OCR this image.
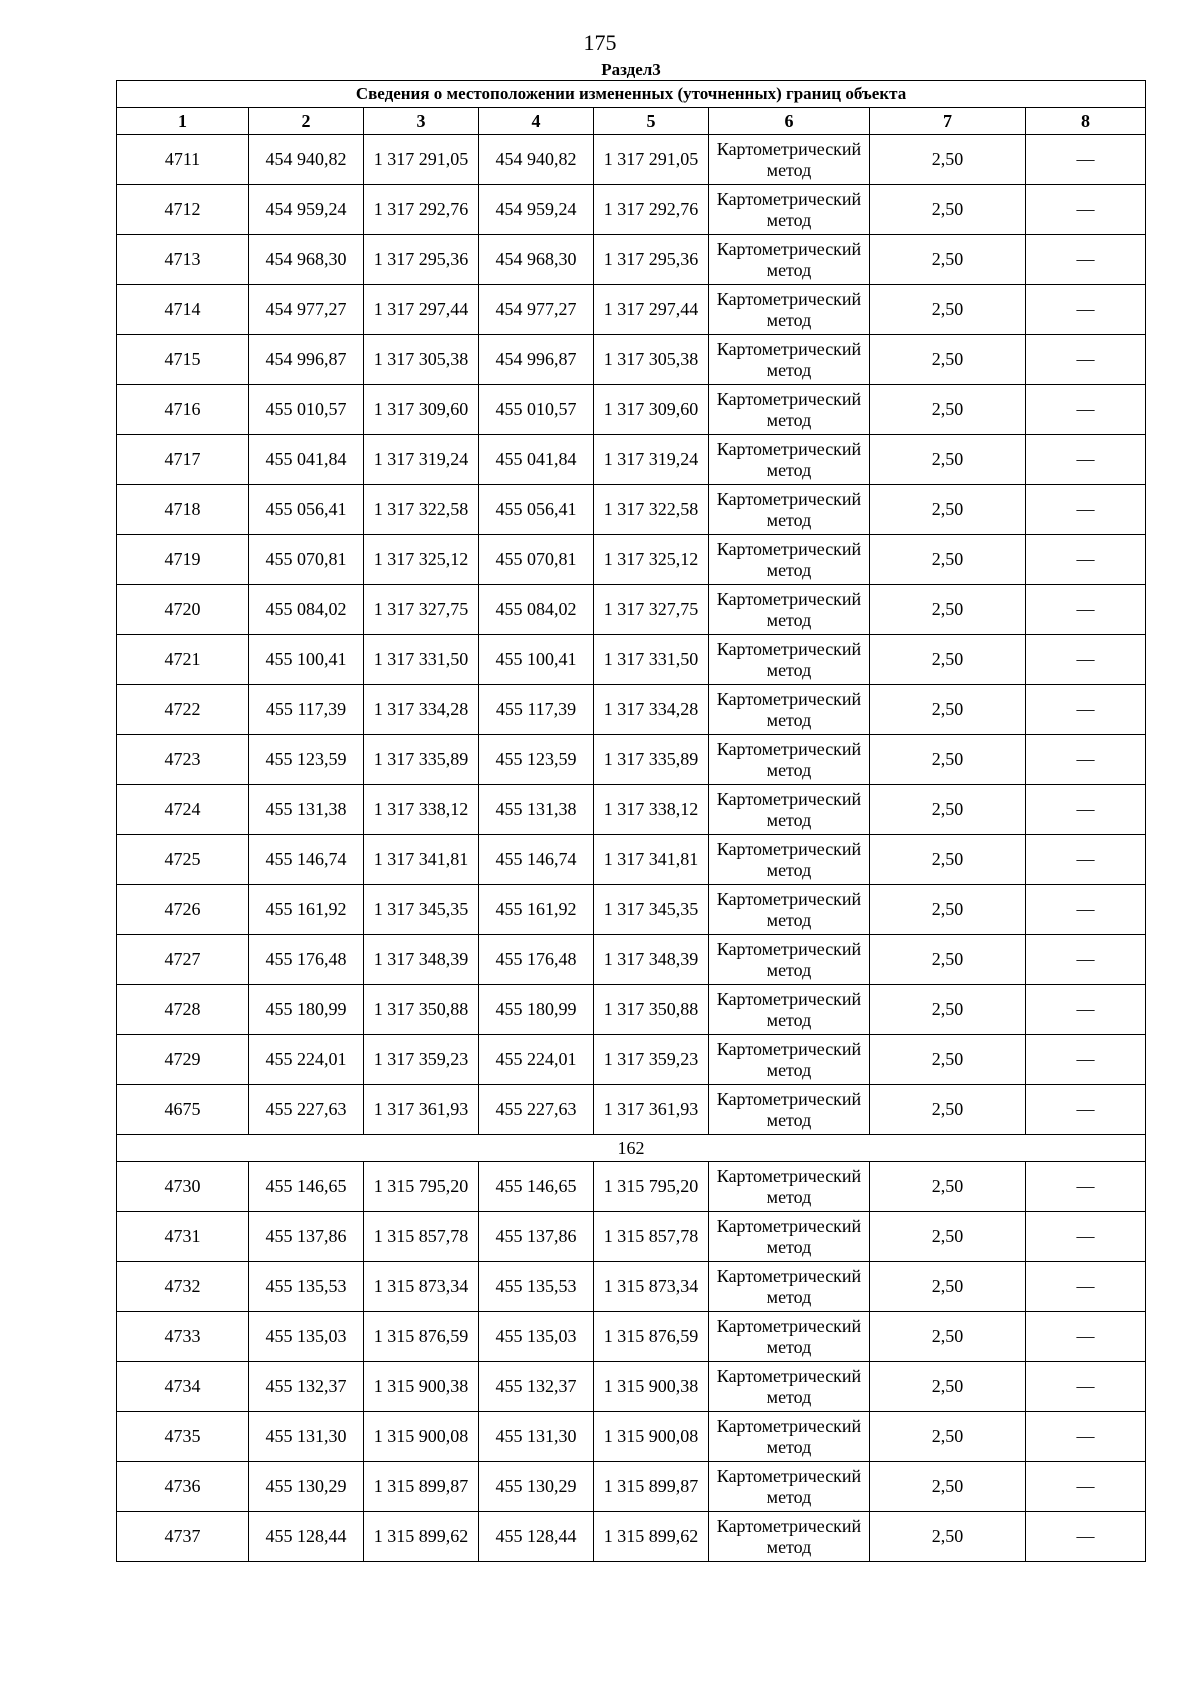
175
Раздел3
Сведения о местоположении измененных (уточненных) границ объекта							
1	2	3	4	5	6	7	8
4711	454 940,82	1 317 291,05	454 940,82	1 317 291,05	Картометрический метод	2,50	—
4712	454 959,24	1 317 292,76	454 959,24	1 317 292,76	Картометрический метод	2,50	—
4713	454 968,30	1 317 295,36	454 968,30	1 317 295,36	Картометрический метод	2,50	—
4714	454 977,27	1 317 297,44	454 977,27	1 317 297,44	Картометрический метод	2,50	—
4715	454 996,87	1 317 305,38	454 996,87	1 317 305,38	Картометрический метод	2,50	—
4716	455 010,57	1 317 309,60	455 010,57	1 317 309,60	Картометрический метод	2,50	—
4717	455 041,84	1 317 319,24	455 041,84	1 317 319,24	Картометрический метод	2,50	—
4718	455 056,41	1 317 322,58	455 056,41	1 317 322,58	Картометрический метод	2,50	—
4719	455 070,81	1 317 325,12	455 070,81	1 317 325,12	Картометрический метод	2,50	—
4720	455 084,02	1 317 327,75	455 084,02	1 317 327,75	Картометрический метод	2,50	—
4721	455 100,41	1 317 331,50	455 100,41	1 317 331,50	Картометрический метод	2,50	—
4722	455 117,39	1 317 334,28	455 117,39	1 317 334,28	Картометрический метод	2,50	—
4723	455 123,59	1 317 335,89	455 123,59	1 317 335,89	Картометрический метод	2,50	—
4724	455 131,38	1 317 338,12	455 131,38	1 317 338,12	Картометрический метод	2,50	—
4725	455 146,74	1 317 341,81	455 146,74	1 317 341,81	Картометрический метод	2,50	—
4726	455 161,92	1 317 345,35	455 161,92	1 317 345,35	Картометрический метод	2,50	—
4727	455 176,48	1 317 348,39	455 176,48	1 317 348,39	Картометрический метод	2,50	—
4728	455 180,99	1 317 350,88	455 180,99	1 317 350,88	Картометрический метод	2,50	—
4729	455 224,01	1 317 359,23	455 224,01	1 317 359,23	Картометрический метод	2,50	—
4675	455 227,63	1 317 361,93	455 227,63	1 317 361,93	Картометрический метод	2,50	—
162							
4730	455 146,65	1 315 795,20	455 146,65	1 315 795,20	Картометрический метод	2,50	—
4731	455 137,86	1 315 857,78	455 137,86	1 315 857,78	Картометрический метод	2,50	—
4732	455 135,53	1 315 873,34	455 135,53	1 315 873,34	Картометрический метод	2,50	—
4733	455 135,03	1 315 876,59	455 135,03	1 315 876,59	Картометрический метод	2,50	—
4734	455 132,37	1 315 900,38	455 132,37	1 315 900,38	Картометрический метод	2,50	—
4735	455 131,30	1 315 900,08	455 131,30	1 315 900,08	Картометрический метод	2,50	—
4736	455 130,29	1 315 899,87	455 130,29	1 315 899,87	Картометрический метод	2,50	—
4737	455 128,44	1 315 899,62	455 128,44	1 315 899,62	Картометрический метод	2,50	—
